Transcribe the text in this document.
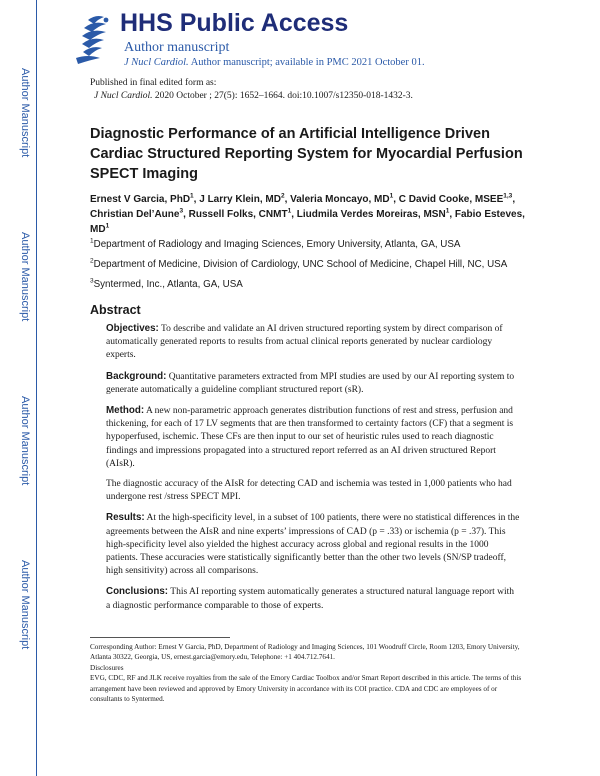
Author Manuscript
Author Manuscript
Author Manuscript
Author Manuscript
HHS Public Access
Author manuscript
J Nucl Cardiol. Author manuscript; available in PMC 2021 October 01.
Published in final edited form as:
J Nucl Cardiol. 2020 October ; 27(5): 1652–1664. doi:10.1007/s12350-018-1432-3.
Diagnostic Performance of an Artificial Intelligence Driven Cardiac Structured Reporting System for Myocardial Perfusion SPECT Imaging
Ernest V Garcia, PhD$^1$, J Larry Klein, $MD^2$, Valeria Moncayo, $MD^1$, C David Cooke, MSEE$^{1,3}$, Christian Del’Aune$^3$, Russell Folks, CNMT$^1$, Liudmila Verdes Moreiras, MSN$^1$, Fabio Esteves, $MD^1$
$^1$Department of Radiology and Imaging Sciences, Emory University, Atlanta, GA, USA
$^2$Department of Medicine, Division of Cardiology, UNC School of Medicine, Chapel Hill, NC, USA
$^3$Syntermed, Inc., Atlanta, GA, USA
Abstract

Objectives: To describe and validate an AI driven structured reporting system by direct comparison of automatically generated reports to results from actual clinical reports generated by nuclear cardiology experts.

Background: Quantitative parameters extracted from MPI studies are used by our AI reporting system to generate automatically a guideline compliant structured report (sR).

Method: A new non-parametric approach generates distribution functions of rest and stress, perfusion and thickening, for each of 17 LV segments that are then transformed to certainty factors (CF) that a segment is hypoperfused, ischemic. These CFs are then input to our set of heuristic rules used to reach diagnostic findings and impressions propagated into a structured report referred as an AI driven structured Report (AIsR).

The diagnostic accuracy of the AIsR for detecting CAD and ischemia was tested in 1,000 patients who had undergone rest /stress SPECT MPI.

Results: At the high-specificity level, in a subset of 100 patients, there were no statistical differences in the agreements between the AIsR and nine experts’ impressions of CAD (p = .33) or ischemia (p = .37). This high-specificity level also yielded the highest accuracy across global and regional results in the 1000 patients. These accuracies were statistically significantly better than the other two levels (SN/SP tradeoff, high sensitivity) across all comparisons.

Conclusions: This AI reporting system automatically generates a structured natural language report with a diagnostic performance comparable to those of experts.

Corresponding Author: Ernest V Garcia, PhD, Department of Radiology and Imaging Sciences, 101 Woodruff Circle, Room 1203, Emory University, Atlanta 30322, Georgia, US, ernest.garcia@emory.edu, Telephone: +1 404.712.7641.

Disclosures

EVG, CDC, RF and JLK receive royalties from the sale of the Emory Cardiac Toolbox and/or Smart Report described in this article. The terms of this arrangement have been reviewed and approved by Emory University in accordance with its COI practice. CDA and CDC are employees of or consultants to Syntermed.
